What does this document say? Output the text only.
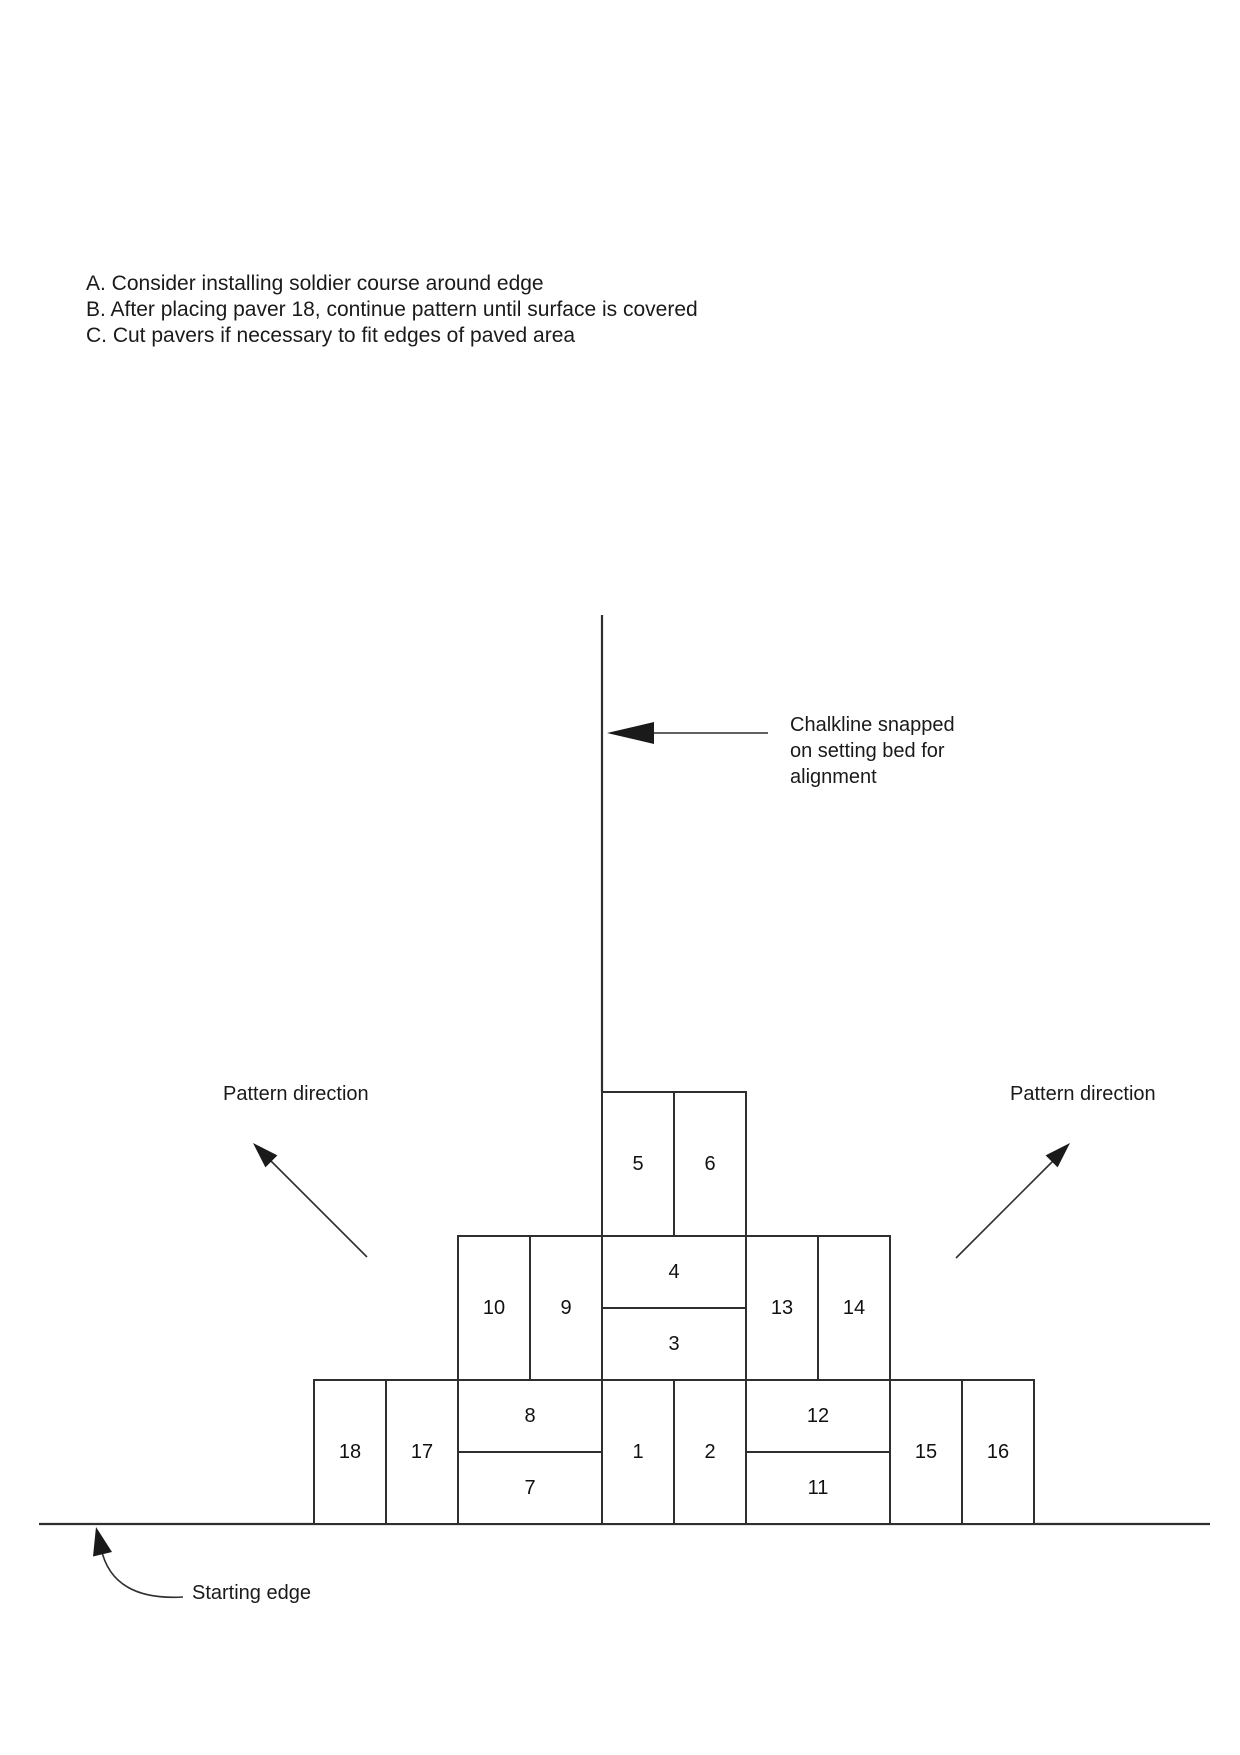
A. Consider installing soldier course around edge
B. After placing paver 18, continue pattern until surface is covered
C. Cut pavers if necessary to fit edges of paved area
5	6
10	9
4
3
13 14
18 17
8
7
1	2
12
11
15 16
Chalkline snapped
on setting bed for
alignment
Pattern direction	Pattern direction
Starting edge
